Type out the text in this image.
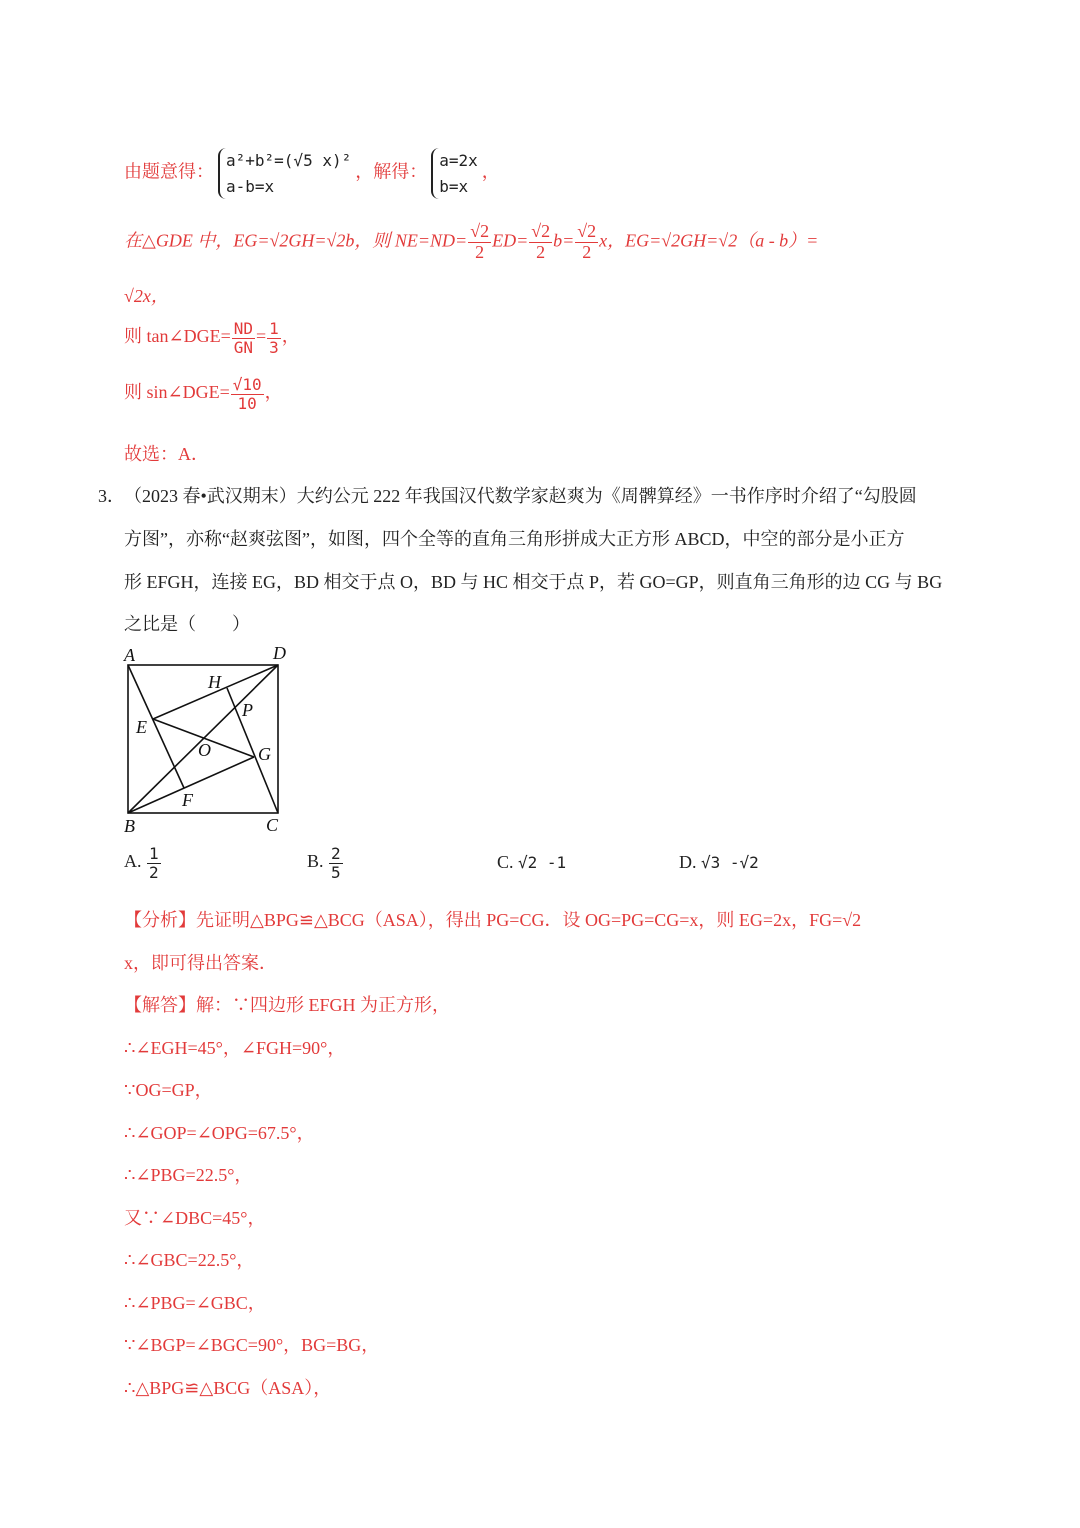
由题意得：
a²+b²=(√5 x)²
a-b=x
，解得：
a=2x
b=x
，
在△GDE 中，EG=√2GH=√2b，则 $NE=ND= \frac{√2}{2} ED= \frac{√2}{2} b= \frac{√2}{2}$ x，EG=√2GH=√2（a - b）=
√2x，
则 tan∠DGE= $\frac{ND}{GN} = \frac{1}{3}$ ，
则 sin∠DGE= $\frac{√10}{10}$ ，
故选：A．
3． （2023 春•武汉期末）大约公元 222 年我国汉代数学家赵爽为《周髀算经》一书作序时介绍了“勾股圆
方图”，亦称“赵爽弦图”，如图，四个全等的直角三角形拼成大正方形 ABCD，中空的部分是小正方
形 EFGH，连接 EG，BD 相交于点 O，BD 与 HC 相交于点 P，若 GO=GP，则直角三角形的边 CG 与 BG
之比是（　　）
A	D
B	C
H
E
P
O	G
F
A. $\frac{1}{2}$	B. $\frac{2}{5}$	C. √2 -1	D. √3 -√2
【分析】先证明△BPG≌△BCG（ASA），得出 PG=CG．设 OG=PG=CG=x，则 EG=2x，FG=√2
x，即可得出答案．
【解答】解：∵四边形 EFGH 为正方形，
∴∠EGH=45°，∠FGH=90°，
∵OG=GP，
∴∠GOP=∠OPG=67.5°，
∴∠PBG=22.5°，
又∵∠DBC=45°，
∴∠GBC=22.5°，
∴∠PBG=∠GBC，
∵∠BGP=∠BGC=90°，BG=BG，
∴△BPG≌△BCG（ASA），
